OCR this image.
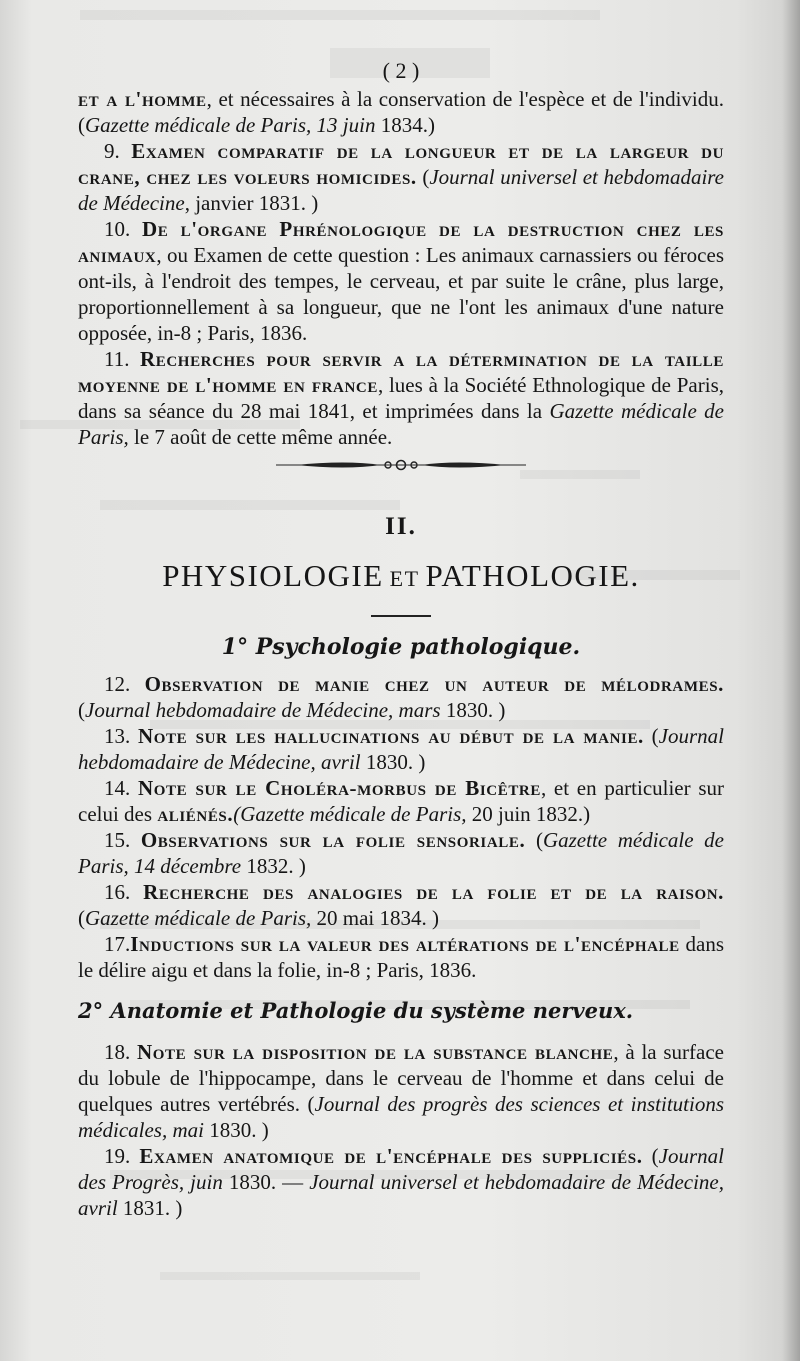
( 2 )

et a l'homme, et nécessaires à la conservation de l'espèce et de l'individu. (Gazette médicale de Paris, 13 juin 1834.)

9. Examen comparatif de la longueur et de la largeur du crane, chez les voleurs homicides. (Journal universel et hebdomadaire de Médecine, janvier 1831. )

10. De l'organe Phrénologique de la destruction chez les animaux, ou Examen de cette question : Les animaux carnassiers ou féroces ont-ils, à l'endroit des tempes, le cerveau, et par suite le crâne, plus large, proportionnellement à sa longueur, que ne l'ont les animaux d'une nature opposée, in-8 ; Paris, 1836.

11. Recherches pour servir a la détermination de la taille moyenne de l'homme en france, lues à la Société Ethnologique de Paris, dans sa séance du 28 mai 1841, et imprimées dans la Gazette médicale de Paris, le 7 août de cette même année.

II.
PHYSIOLOGIE ET PATHOLOGIE.
1° Psychologie pathologique.

12. Observation de manie chez un auteur de mélodrames. (Journal hebdomadaire de Médecine, mars 1830. )

13. Note sur les hallucinations au début de la manie. (Journal hebdomadaire de Médecine, avril 1830. )

14. Note sur le Choléra-morbus de Bicêtre, et en particulier sur celui des aliénés.(Gazette médicale de Paris, 20 juin 1832.)

15. Observations sur la folie sensoriale. (Gazette médicale de Paris, 14 décembre 1832. )

16. Recherche des analogies de la folie et de la raison. (Gazette médicale de Paris, 20 mai 1834. )

17.Inductions sur la valeur des altérations de l'encéphale dans le délire aigu et dans la folie, in-8 ; Paris, 1836.

2° Anatomie et Pathologie du système nerveux.

18. Note sur la disposition de la substance blanche, à la surface du lobule de l'hippocampe, dans le cerveau de l'homme et dans celui de quelques autres vertébrés. (Journal des progrès des sciences et institutions médicales, mai 1830. )

19. Examen anatomique de l'encéphale des suppliciés. (Journal des Progrès, juin 1830. — Journal universel et hebdomadaire de Médecine, avril 1831. )
